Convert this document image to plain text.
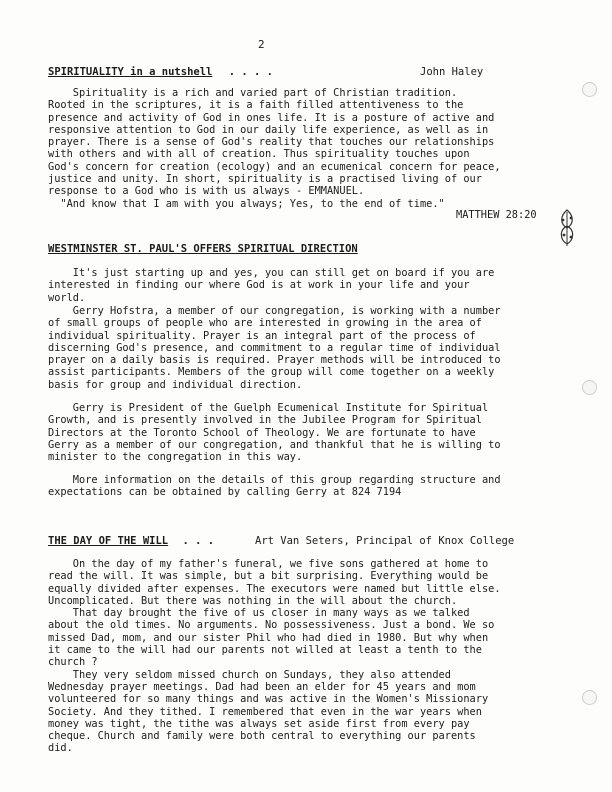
2
SPIRITUALITY in a nutshell . . . .	John Haley
Spirituality is a rich and varied part of Christian tradition.
Rooted in the scriptures, it is a faith filled attentiveness to the
presence and activity of God in ones life. It is a posture of active and
responsive attention to God in our daily life experience, as well as in
prayer. There is a sense of God's reality that touches our relationships
with others and with all of creation. Thus spirituality touches upon
God's concern for creation (ecology) and an ecumenical concern for peace,
justice and unity. In short, spirituality is a practised living of our
response to a God who is with us always - EMMANUEL.
"And know that I am with you always; Yes, to the end of time."
MATTHEW 28:20
WESTMINSTER ST. PAUL'S OFFERS SPIRITUAL DIRECTION
It's just starting up and yes, you can still get on board if you are
interested in finding our where God is at work in your life and your
world.
Gerry Hofstra, a member of our congregation, is working with a number
of small groups of people who are interested in growing in the area of
individual spirituality. Prayer is an integral part of the process of
discerning God's presence, and commitment to a regular time of individual
prayer on a daily basis is required. Prayer methods will be introduced to
assist participants. Members of the group will come together on a weekly
basis for group and individual direction.
Gerry is President of the Guelph Ecumenical Institute for Spiritual
Growth, and is presently involved in the Jubilee Program for Spiritual
Directors at the Toronto School of Theology. We are fortunate to have
Gerry as a member of our congregation, and thankful that he is willing to
minister to the congregation in this way.
More information on the details of this group regarding structure and
expectations can be obtained by calling Gerry at 824 7194
THE DAY OF THE WILL . . .	Art Van Seters, Principal of Knox College
On the day of my father's funeral, we five sons gathered at home to
read the will. It was simple, but a bit surprising. Everything would be
equally divided after expenses. The executors were named but little else.
Uncomplicated. But there was nothing in the will about the church.
That day brought the five of us closer in many ways as we talked
about the old times. No arguments. No possessiveness. Just a bond. We so
missed Dad, mom, and our sister Phil who had died in 1980. But why when
it came to the will had our parents not willed at least a tenth to the
church ?
They very seldom missed church on Sundays, they also attended
Wednesday prayer meetings. Dad had been an elder for 45 years and mom
volunteered for so many things and was active in the Women's Missionary
Society. And they tithed. I remembered that even in the war years when
money was tight, the tithe was always set aside first from every pay
cheque. Church and family were both central to everything our parents
did.
